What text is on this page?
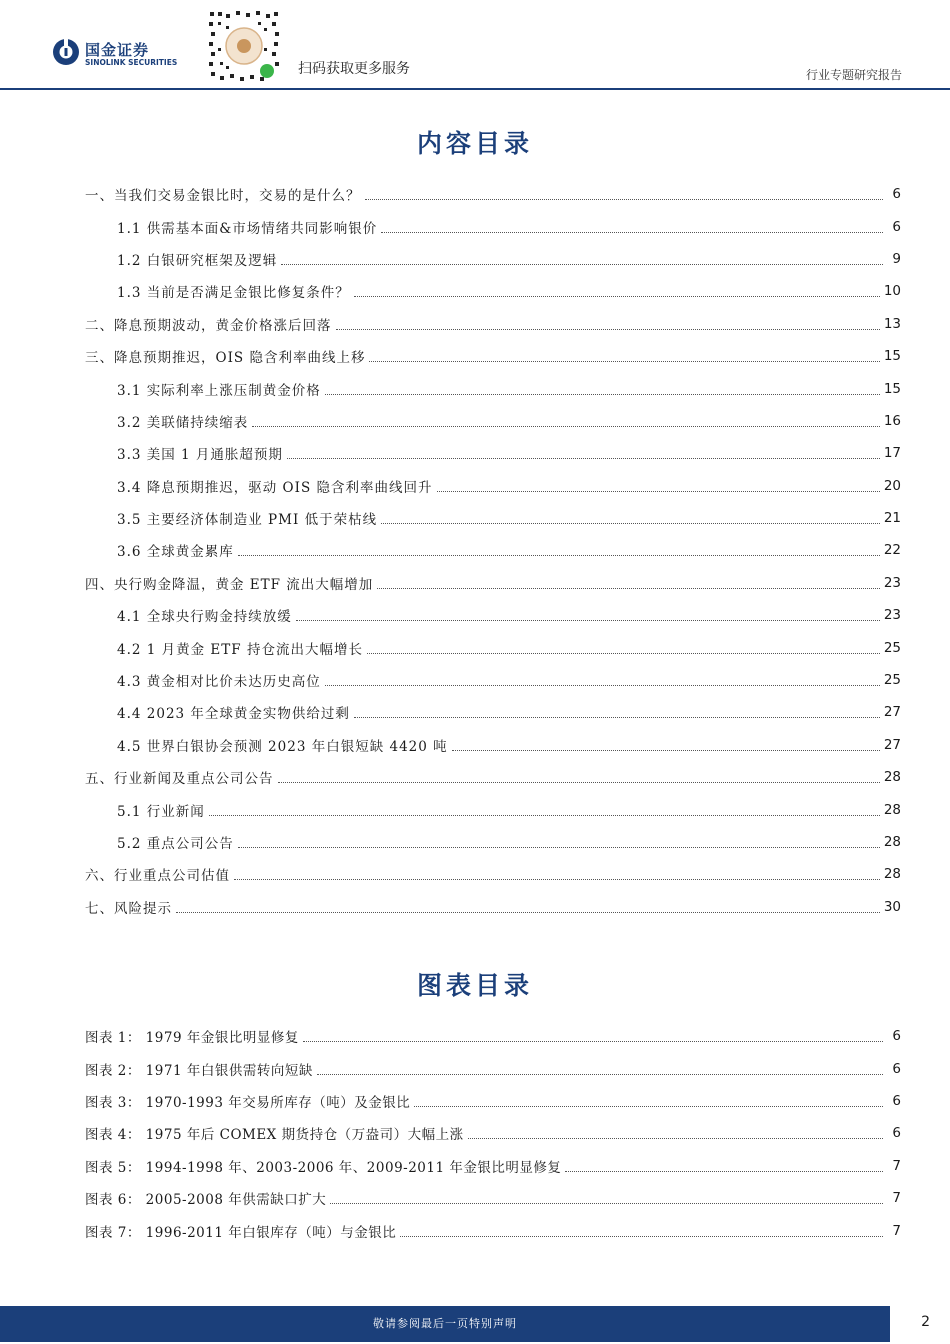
国金证券
SINOLINK SECURITIES	扫码获取更多服务	行业专题研究报告
内容目录
一、当我们交易金银比时，交易的是什么？	6
1.1 供需基本面&市场情绪共同影响银价	6
1.2 白银研究框架及逻辑	9
1.3 当前是否满足金银比修复条件？	10
二、降息预期波动，黄金价格涨后回落	13
三、降息预期推迟，OIS 隐含利率曲线上移	15
3.1 实际利率上涨压制黄金价格	15
3.2 美联储持续缩表	16
3.3 美国 1 月通胀超预期	17
3.4 降息预期推迟，驱动 OIS 隐含利率曲线回升	20
3.5 主要经济体制造业 PMI 低于荣枯线	21
3.6 全球黄金累库	22
四、央行购金降温，黄金 ETF 流出大幅增加	23
4.1 全球央行购金持续放缓	23
4.2 1 月黄金 ETF 持仓流出大幅增长	25
4.3 黄金相对比价未达历史高位	25
4.4 2023 年全球黄金实物供给过剩	27
4.5 世界白银协会预测 2023 年白银短缺 4420 吨	27
五、行业新闻及重点公司公告	28
5.1 行业新闻	28
5.2 重点公司公告	28
六、行业重点公司估值	28
七、风险提示	30
图表目录
图表 1： 1979 年金银比明显修复	6
图表 2： 1971 年白银供需转向短缺	6
图表 3： 1970-1993 年交易所库存（吨）及金银比	6
图表 4： 1975 年后 COMEX 期货持仓（万盎司）大幅上涨	6
图表 5： 1994-1998 年、2003-2006 年、2009-2011 年金银比明显修复	7
图表 6： 2005-2008 年供需缺口扩大	7
图表 7： 1996-2011 年白银库存（吨）与金银比	7
敬请参阅最后一页特别声明	2
